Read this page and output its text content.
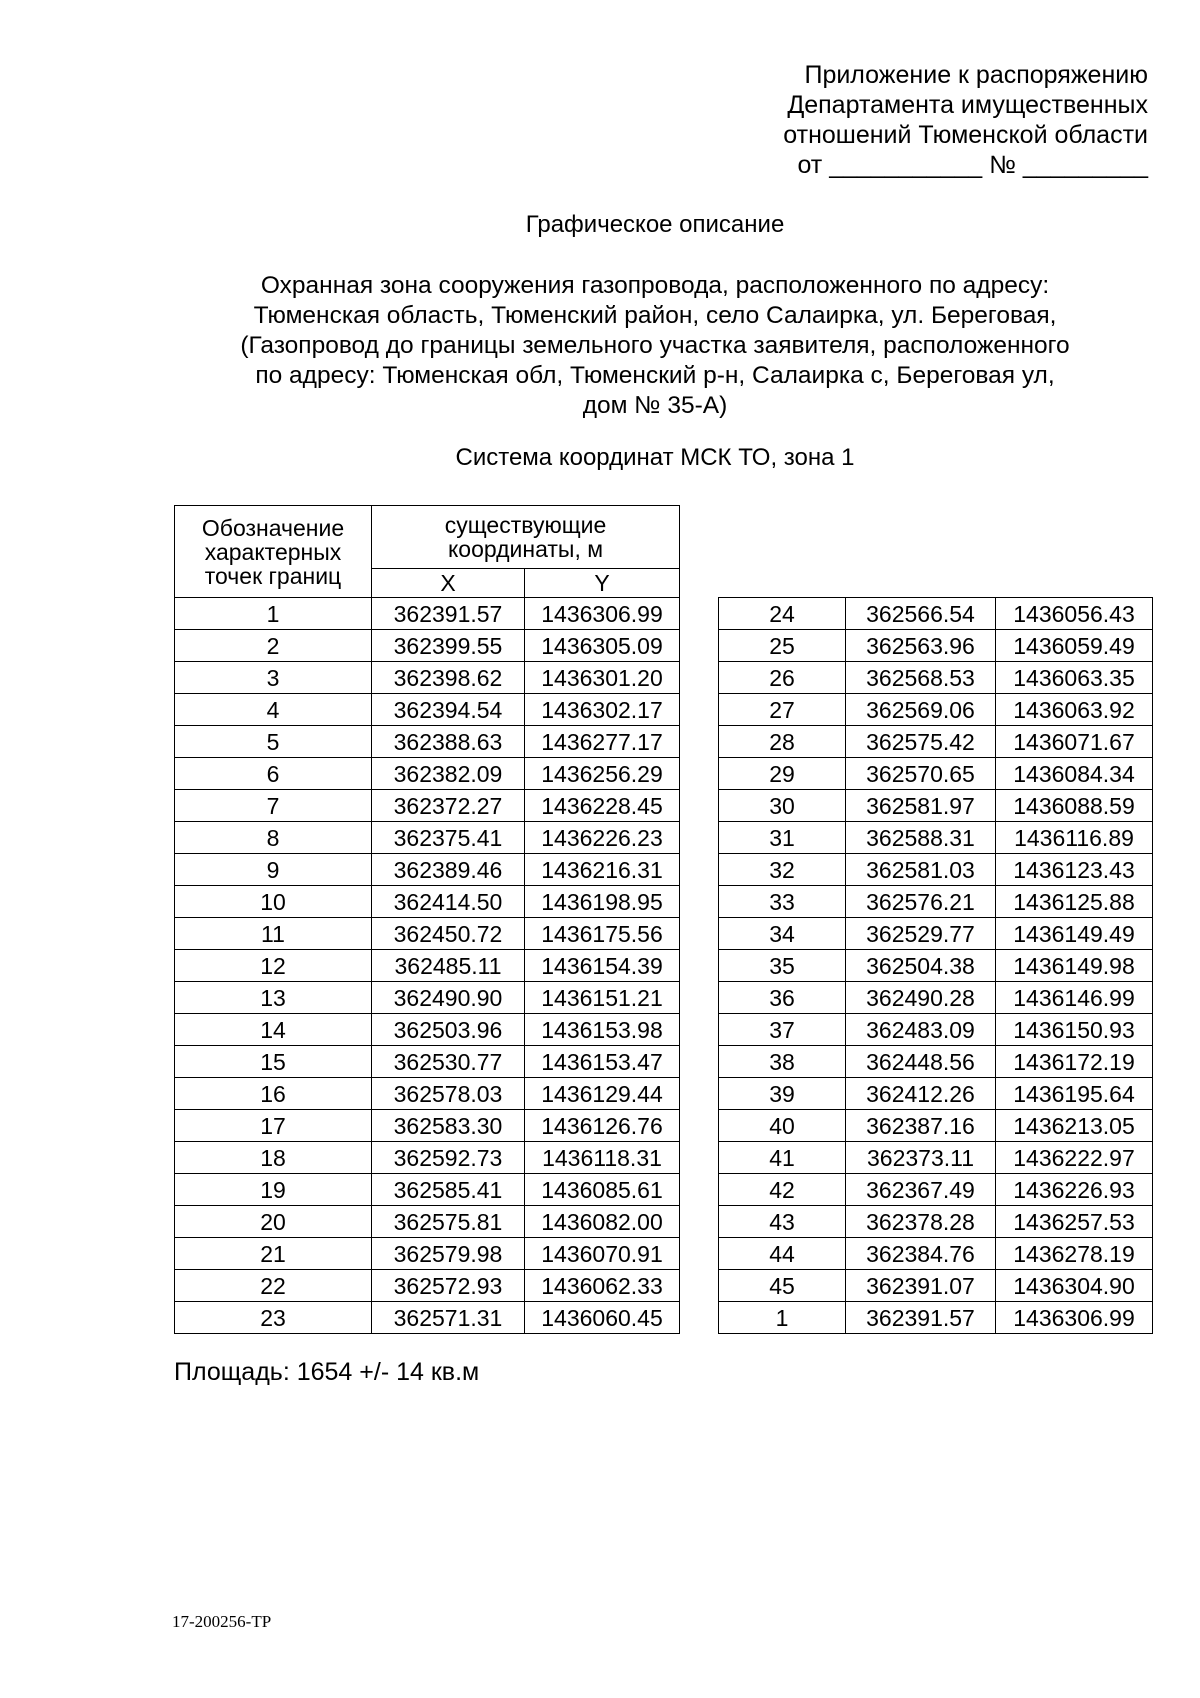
Приложение к распоряжению
Департамента имущественных
отношений Тюменской области
от ___________ № _________
Графическое описание
Охранная зона сооружения газопровода, расположенного по адресу:
Тюменская область, Тюменский район, село Салаирка, ул. Береговая,
(Газопровод до границы земельного участка заявителя, расположенного
по адресу: Тюменская обл, Тюменский р-н, Салаирка с, Береговая ул,
дом № 35-А)
Система координат МСК ТО, зона 1
Обозначение характерных точек границ	существующие координаты, м	
	X	Y
1	362391.57	1436306.99
2	362399.55	1436305.09
3	362398.62	1436301.20
4	362394.54	1436302.17
5	362388.63	1436277.17
6	362382.09	1436256.29
7	362372.27	1436228.45
8	362375.41	1436226.23
9	362389.46	1436216.31
10	362414.50	1436198.95
11	362450.72	1436175.56
12	362485.11	1436154.39
13	362490.90	1436151.21
14	362503.96	1436153.98
15	362530.77	1436153.47
16	362578.03	1436129.44
17	362583.30	1436126.76
18	362592.73	1436118.31
19	362585.41	1436085.61
20	362575.81	1436082.00
21	362579.98	1436070.91
22	362572.93	1436062.33
23	362571.31	1436060.45
24	362566.54	1436056.43
25	362563.96	1436059.49
26	362568.53	1436063.35
27	362569.06	1436063.92
28	362575.42	1436071.67
29	362570.65	1436084.34
30	362581.97	1436088.59
31	362588.31	1436116.89
32	362581.03	1436123.43
33	362576.21	1436125.88
34	362529.77	1436149.49
35	362504.38	1436149.98
36	362490.28	1436146.99
37	362483.09	1436150.93
38	362448.56	1436172.19
39	362412.26	1436195.64
40	362387.16	1436213.05
41	362373.11	1436222.97
42	362367.49	1436226.93
43	362378.28	1436257.53
44	362384.76	1436278.19
45	362391.07	1436304.90
1	362391.57	1436306.99
Площадь: 1654 +/- 14 кв.м
17-200256-ТР
